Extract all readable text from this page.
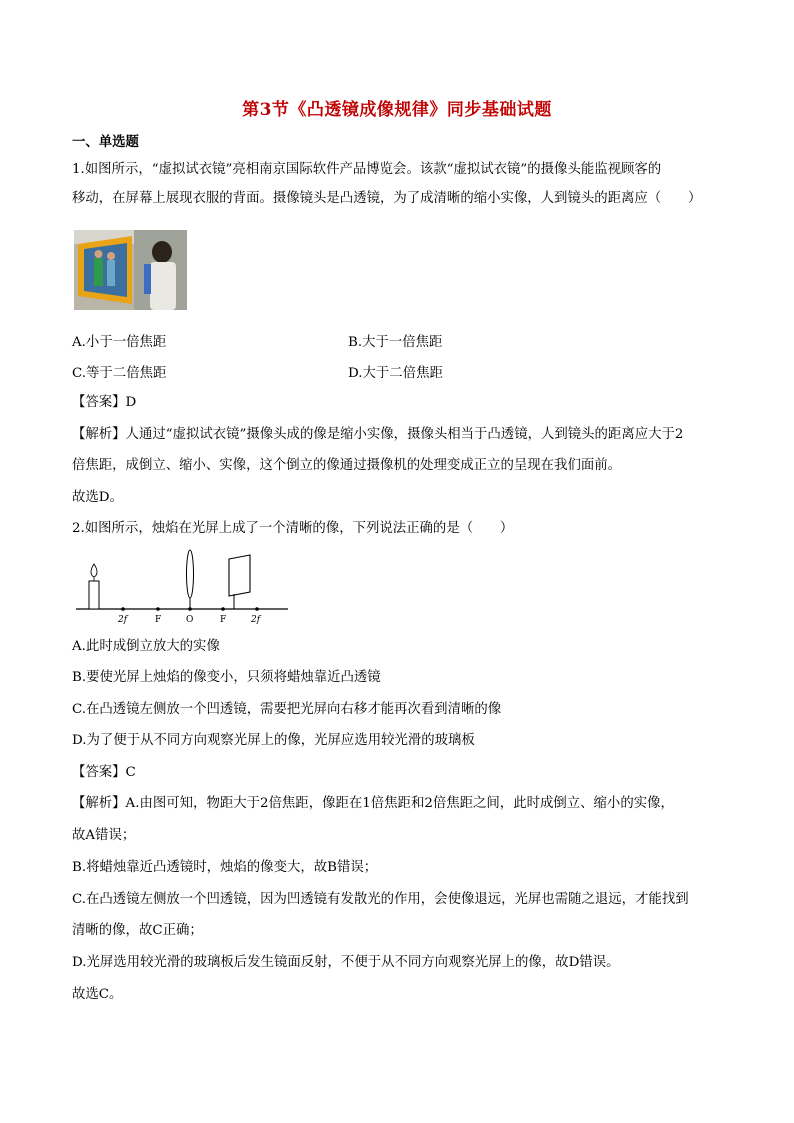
第3节《凸透镜成像规律》同步基础试题
一、单选题
1.如图所示，“虚拟试衣镜”亮相南京国际软件产品博览会。该款“虚拟试衣镜”的摄像头能监视顾客的
移动，在屏幕上展现衣服的背面。摄像镜头是凸透镜，为了成清晰的缩小实像，人到镜头的距离应（　　）
A.小于一倍焦距	B.大于一倍焦距
C.等于二倍焦距	D.大于二倍焦距
【答案】D
【解析】人通过“虚拟试衣镜”摄像头成的像是缩小实像，摄像头相当于凸透镜，人到镜头的距离应大于2
倍焦距，成倒立、缩小、实像，这个倒立的像通过摄像机的处理变成正立的呈现在我们面前。
故选D。
2.如图所示，烛焰在光屏上成了一个清晰的像，下列说法正确的是（　　）
2f	F	O	F	2f
A.此时成倒立放大的实像
B.要使光屏上烛焰的像变小，只须将蜡烛靠近凸透镜
C.在凸透镜左侧放一个凹透镜，需要把光屏向右移才能再次看到清晰的像
D.为了便于从不同方向观察光屏上的像，光屏应选用较光滑的玻璃板
【答案】C
【解析】A.由图可知，物距大于2倍焦距，像距在1倍焦距和2倍焦距之间，此时成倒立、缩小的实像，
故A错误；
B.将蜡烛靠近凸透镜时，烛焰的像变大，故B错误；
C.在凸透镜左侧放一个凹透镜，因为凹透镜有发散光的作用，会使像退远，光屏也需随之退远，才能找到
清晰的像，故C正确；
D.光屏选用较光滑的玻璃板后发生镜面反射，不便于从不同方向观察光屏上的像，故D错误。
故选C。
